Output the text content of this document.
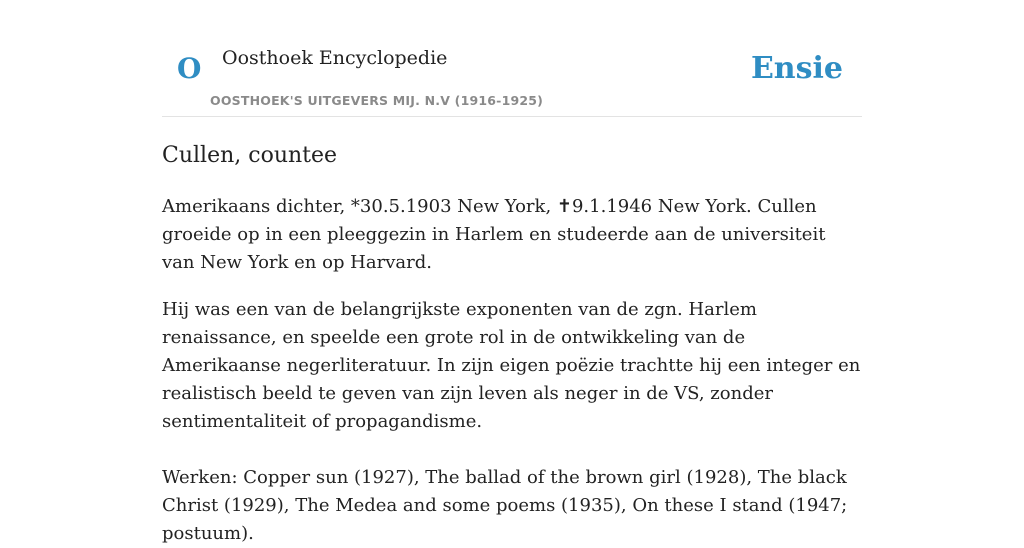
O Oosthoek Encyclopedie
OOSTHOEK'S UITGEVERS MIJ. N.V (1916-1925)
Ensie
Cullen, countee

Amerikaans dichter, *30.5.1903 New York, ✝9.1.1946 New York. Cullen groeide op in een pleeggezin in Harlem en studeerde aan de universiteit van New York en op Harvard.

Hij was een van de belangrijkste exponenten van de zgn. Harlem renaissance, en speelde een grote rol in de ontwikkeling van de Amerikaanse negerliteratuur. In zijn eigen poëzie trachtte hij een integer en realistisch beeld te geven van zijn leven als neger in de VS, zonder sentimentaliteit of propagandisme.

Werken: Copper sun (1927), The ballad of the brown girl (1928), The black Christ (1929), The Medea and some poems (1935), On these I stand (1947; postuum).
